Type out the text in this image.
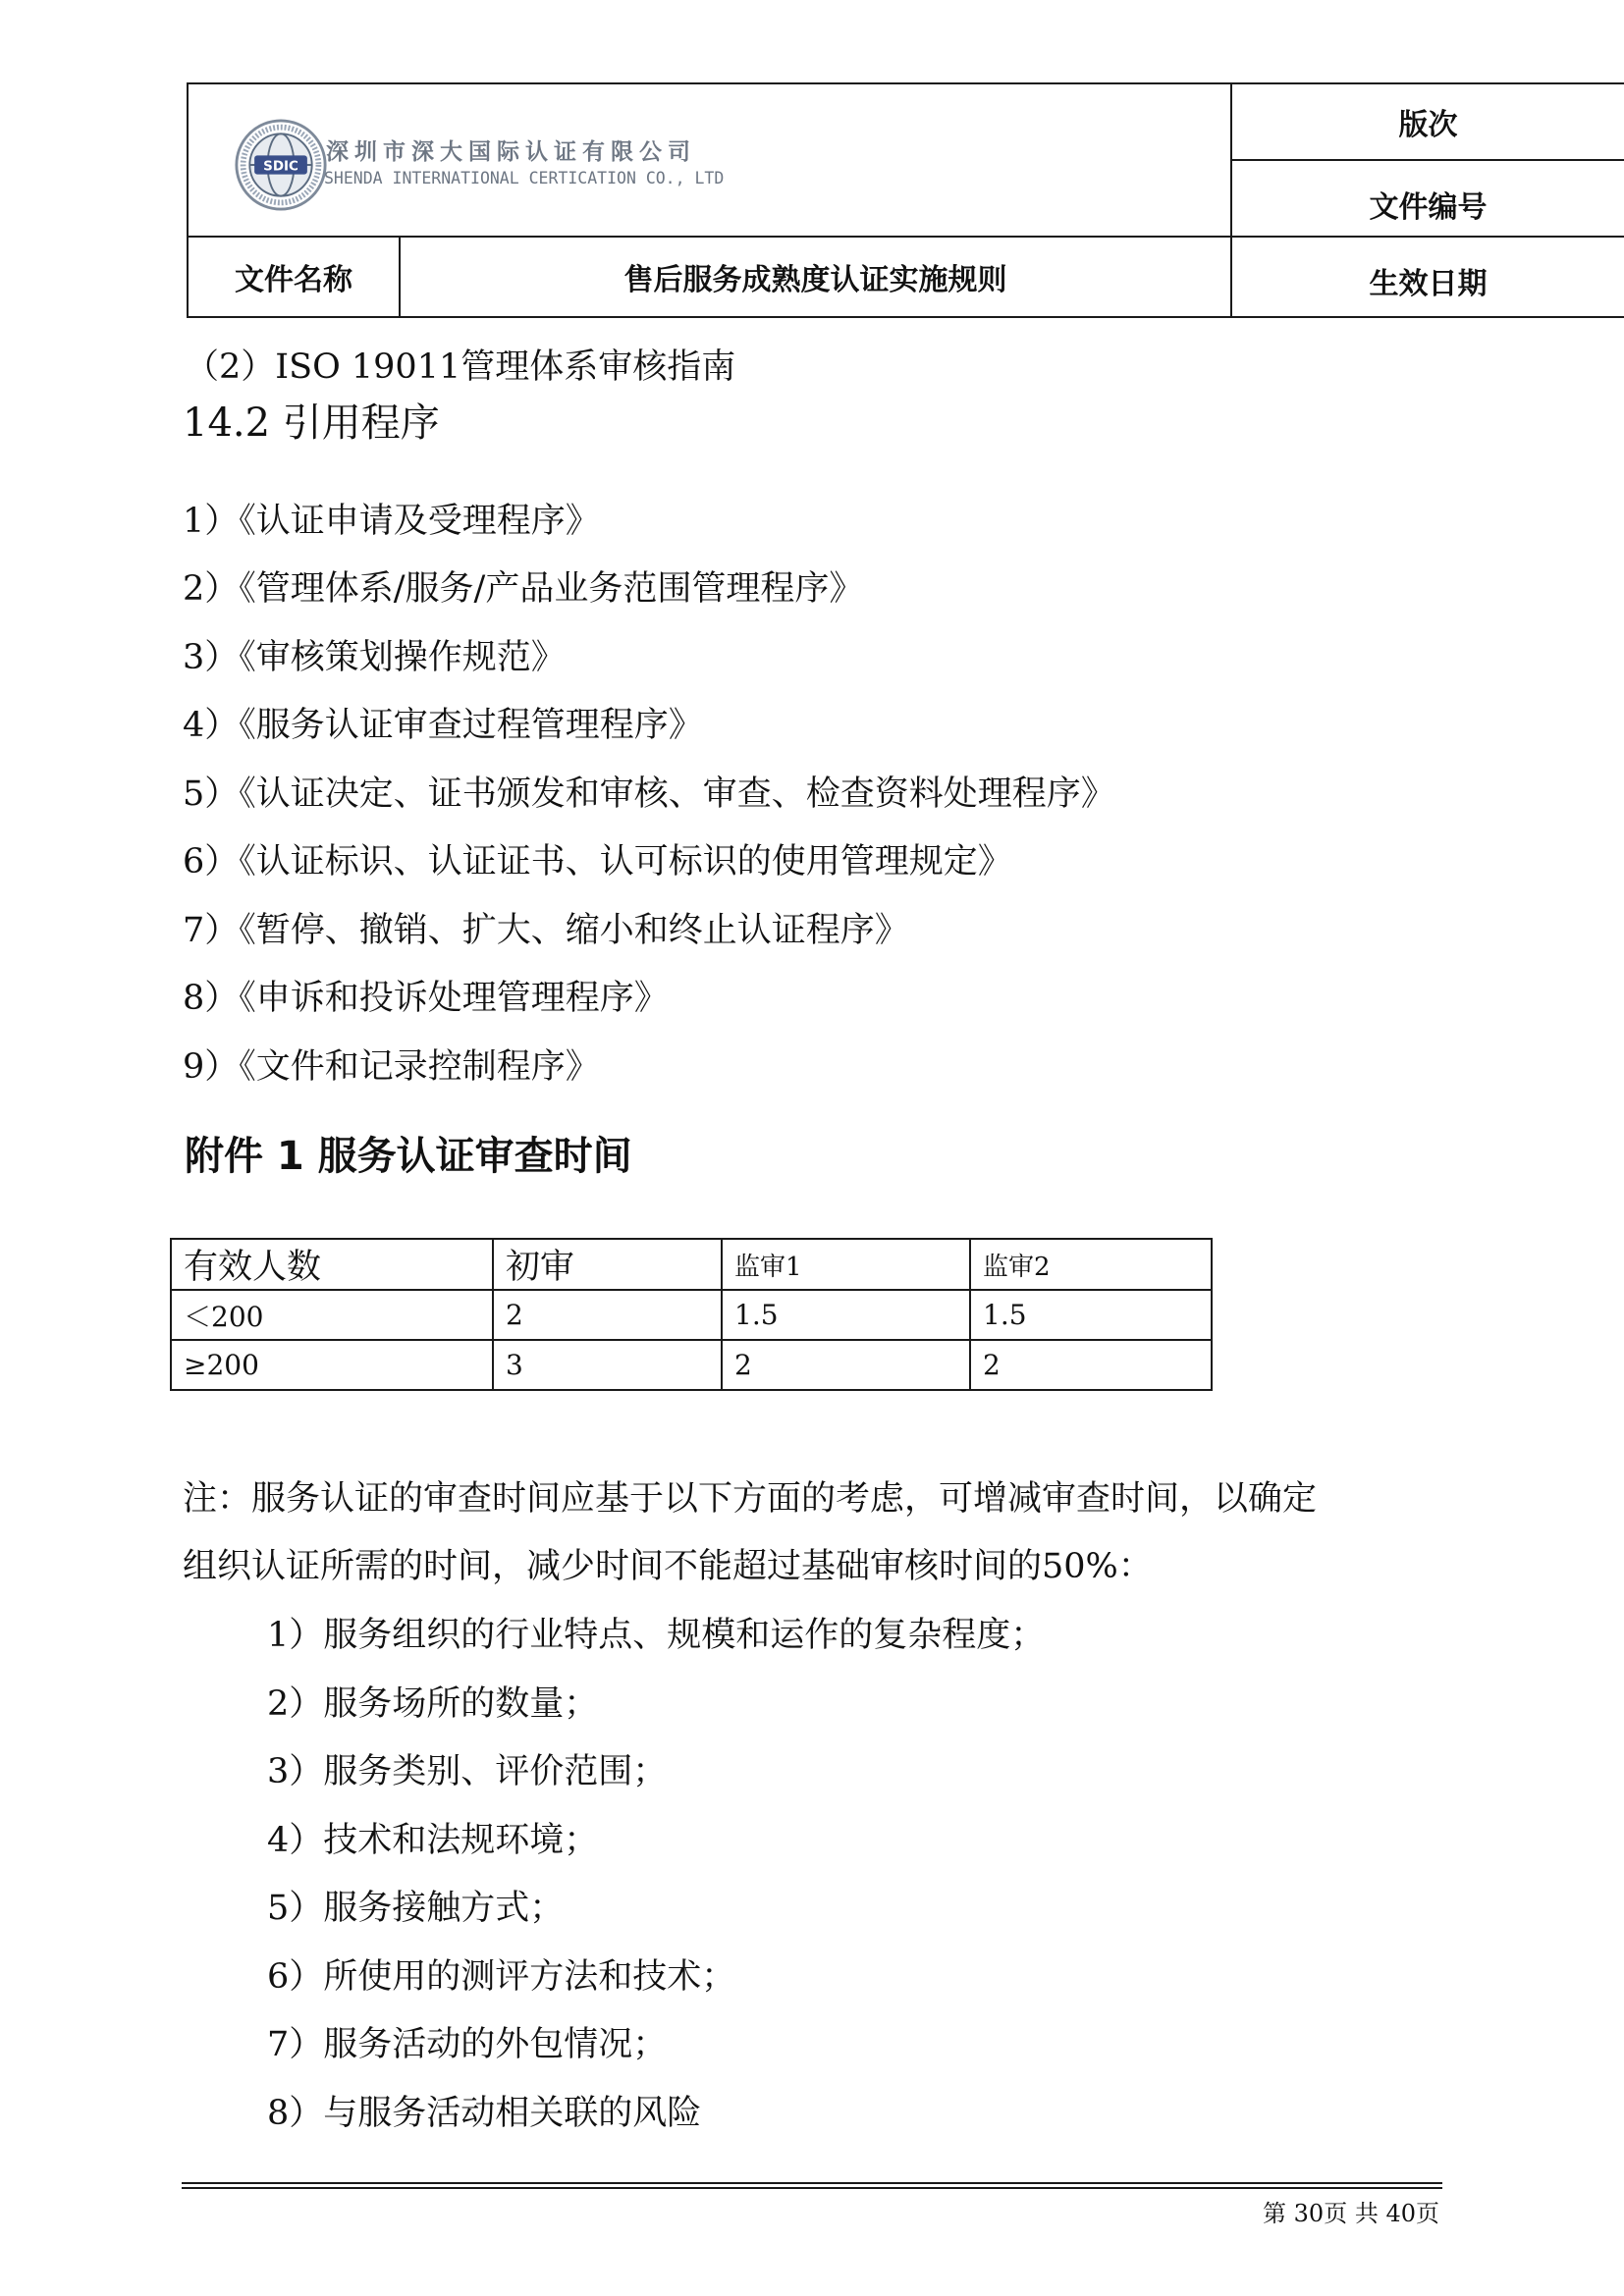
SDIC
深圳市深大国际认证有限公司
SHENDA INTERNATIONAL CERTICATION CO., LTD
版次
文件编号
文件名称	售后服务成熟度认证实施规则	生效日期
（2）ISO 19011管理体系审核指南
14.2 引用程序
1）《认证申请及受理程序》
2）《管理体系/服务/产品业务范围管理程序》
3）《审核策划操作规范》
4）《服务认证审查过程管理程序》
5）《认证决定、证书颁发和审核、审查、检查资料处理程序》
6）《认证标识、认证证书、认可标识的使用管理规定》
7）《暂停、撤销、扩大、缩小和终止认证程序》
8）《申诉和投诉处理管理程序》
9）《文件和记录控制程序》
附件 1 服务认证审查时间
有效人数	初审	监审1	监审2
＜200	2	1.5	1.5
≥200	3	2	2
注：服务认证的审查时间应基于以下方面的考虑，可增减审查时间，以确定
组织认证所需的时间，减少时间不能超过基础审核时间的50%：
1）服务组织的行业特点、规模和运作的复杂程度；
2）服务场所的数量；
3）服务类别、评价范围；
4）技术和法规环境；
5）服务接触方式；
6）所使用的测评方法和技术；
7）服务活动的外包情况；
8）与服务活动相关联的风险
第 30页 共 40页
